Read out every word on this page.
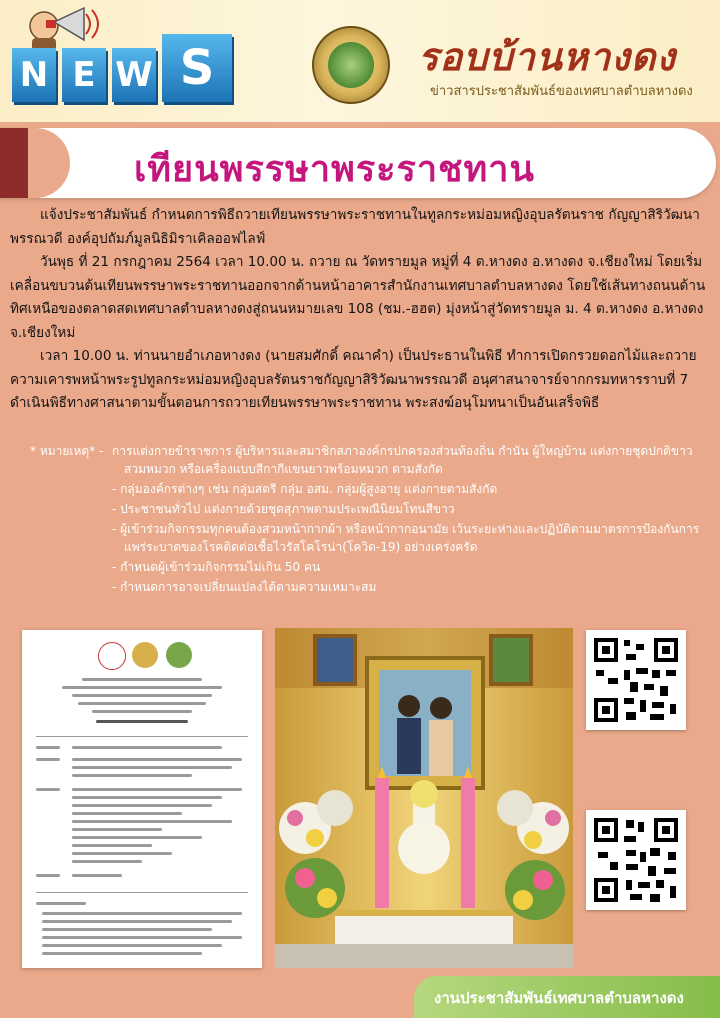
N E W S	รอบบ้านหางดง
ข่าวสารประชาสัมพันธ์ของเทศบาลตำบลหางดง
เทียนพรรษาพระราชทาน

แจ้งประชาสัมพันธ์ กำหนดการพิธีถวายเทียนพรรษาพระราชทานในทูลกระหม่อมหญิงอุบลรัตนราช กัญญาสิริวัฒนาพรรณวดี องค์อุปถัมภ์มูลนิธิมิราเคิลออฟไลฟ์

วันพุธ ที่ 21 กรกฎาคม 2564 เวลา 10.00 น. ถวาย ณ วัดทรายมูล หมู่ที่ 4 ต.หางดง อ.หางดง จ.เชียงใหม่ โดยเริ่มเคลื่อนขบวนต้นเทียนพรรษาพระราชทานออกจากด้านหน้าอาคารสำนักงานเทศบาลตำบลหางดง โดยใช้เส้นทางถนนด้านทิศเหนือของตลาดสดเทศบาลตำบลหางดงสู่ถนนหมายเลข 108 (ชม.-ฮฮต) มุ่งหน้าสู่วัดทรายมูล ม. 4 ต.หางดง อ.หางดง จ.เชียงใหม่

เวลา 10.00 น. ท่านนายอำเภอหางดง (นายสมศักดิ์ คณาคำ) เป็นประธานในพิธี ทำการเปิดกรวยดอกไม้และถวายความเคารพหน้าพระรูปทูลกระหม่อมหญิงอุบลรัตนราชกัญญาสิริวัฒนาพรรณวดี อนุศาสนาจารย์จากกรมทหารราบที่ 7 ดำเนินพิธีทางศาสนาตามขั้นตอนการถวายเทียนพรรษาพระราชทาน พระสงฆ์อนุโมทนาเป็นอันเสร็จพิธี

* หมายเหตุ* - การแต่งกายข้าราชการ ผู้บริหารและสมาชิกสภาองค์กรปกครองส่วนท้องถิ่น กำนัน ผู้ใหญ่บ้าน แต่งกายชุดปกติขาวสวมหมวก หรือเครื่องแบบสีกากีแขนยาวพร้อมหมวก ตามสังกัด
- กลุ่มองค์กรต่างๆ เช่น กลุ่มสตรี กลุ่ม อสม. กลุ่มผู้สูงอายุ แต่งกายตามสังกัด
- ประชาชนทั่วไป แต่งกายด้วยชุดสุภาพตามประเพณีนิยมโทนสีขาว
- ผู้เข้าร่วมกิจกรรมทุกคนต้องสวมหน้ากากผ้า หรือหน้ากากอนามัย เว้นระยะห่างและปฏิบัติตามมาตรการป้องกันการแพร่ระบาดของโรคติดต่อเชื้อไวรัสโคโรน่า(โควิด-19) อย่างเคร่งครัด
- กำหนดผู้เข้าร่วมกิจกรรมไม่เกิน 50 คน
- กำหนดการอาจเปลี่ยนแปลงได้ตามความเหมาะสม
งานประชาสัมพันธ์เทศบาลตำบลหางดง
